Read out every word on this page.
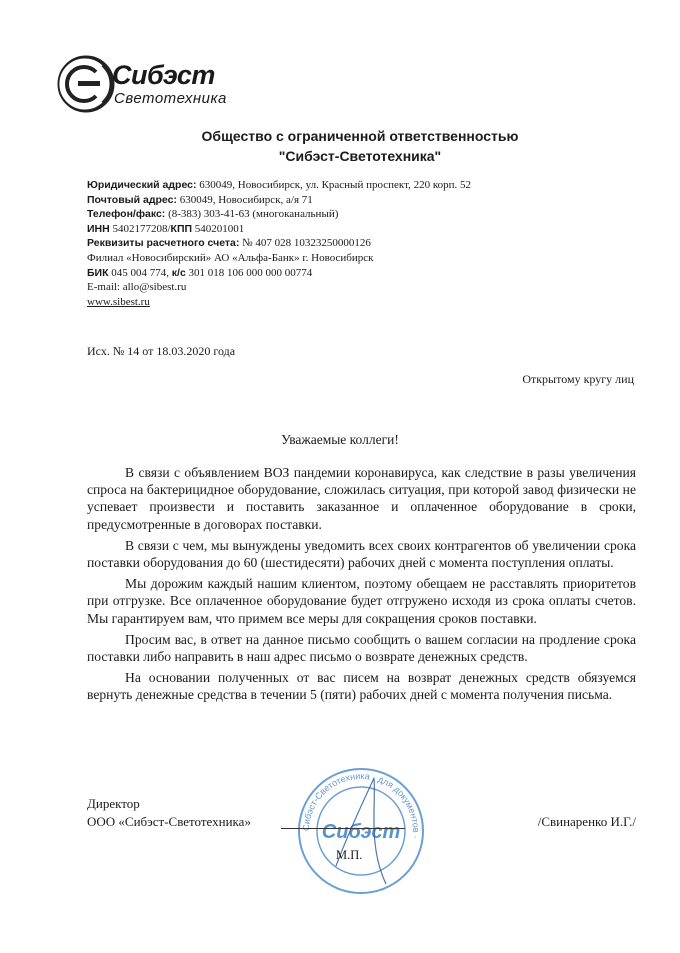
Сибэст
Светотехника
Общество с ограниченной ответственностью
"Сибэст-Светотехника"
Юридический адрес: 630049, Новосибирск, ул. Красный проспект, 220 корп. 52
Почтовый адрес: 630049, Новосибирск, а/я 71
Телефон/факс: (8-383) 303-41-63 (многоканальный)
ИНН 5402177208/КПП 540201001
Реквизиты расчетного счета: № 407 028 10323250000126
Филиал «Новосибирский» АО «Альфа-Банк» г. Новосибирск
БИК 045 004 774, к/с 301 018 106 000 000 00774
E-mail: allo@sibest.ru
www.sibest.ru
Исх. № 14 от 18.03.2020 года
Открытому кругу лиц
Уважаемые коллеги!

В связи с объявлением ВОЗ пандемии коронавируса, как следствие в разы увеличения спроса на бактерицидное оборудование, сложилась ситуация, при которой завод физически не успевает произвести и поставить заказанное и оплаченное оборудование в сроки, предусмотренные в договорах поставки.

В связи с чем, мы вынуждены уведомить всех своих контрагентов об увеличении срока поставки оборудования до 60 (шестидесяти) рабочих дней с момента поступления оплаты.

Мы дорожим каждый нашим клиентом, поэтому обещаем не расставлять приоритетов при отгрузке. Все оплаченное оборудование будет отгружено исходя из срока оплаты счетов. Мы гарантируем вам, что примем все меры для сокращения сроков поставки.

Просим вас, в ответ на данное письмо сообщить о вашем согласии на продление срока поставки либо направить в наш адрес письмо о возврате денежных средств.

На основании полученных от вас писем на возврат денежных средств обязуемся вернуть денежные средства в течении 5 (пяти) рабочих дней с момента получения письма.

Сибэст-Светотехника · для документов ·
Сибэст
Директор
ООО «Сибэст-Светотехника»	/Свинаренко И.Г./
М.П.
